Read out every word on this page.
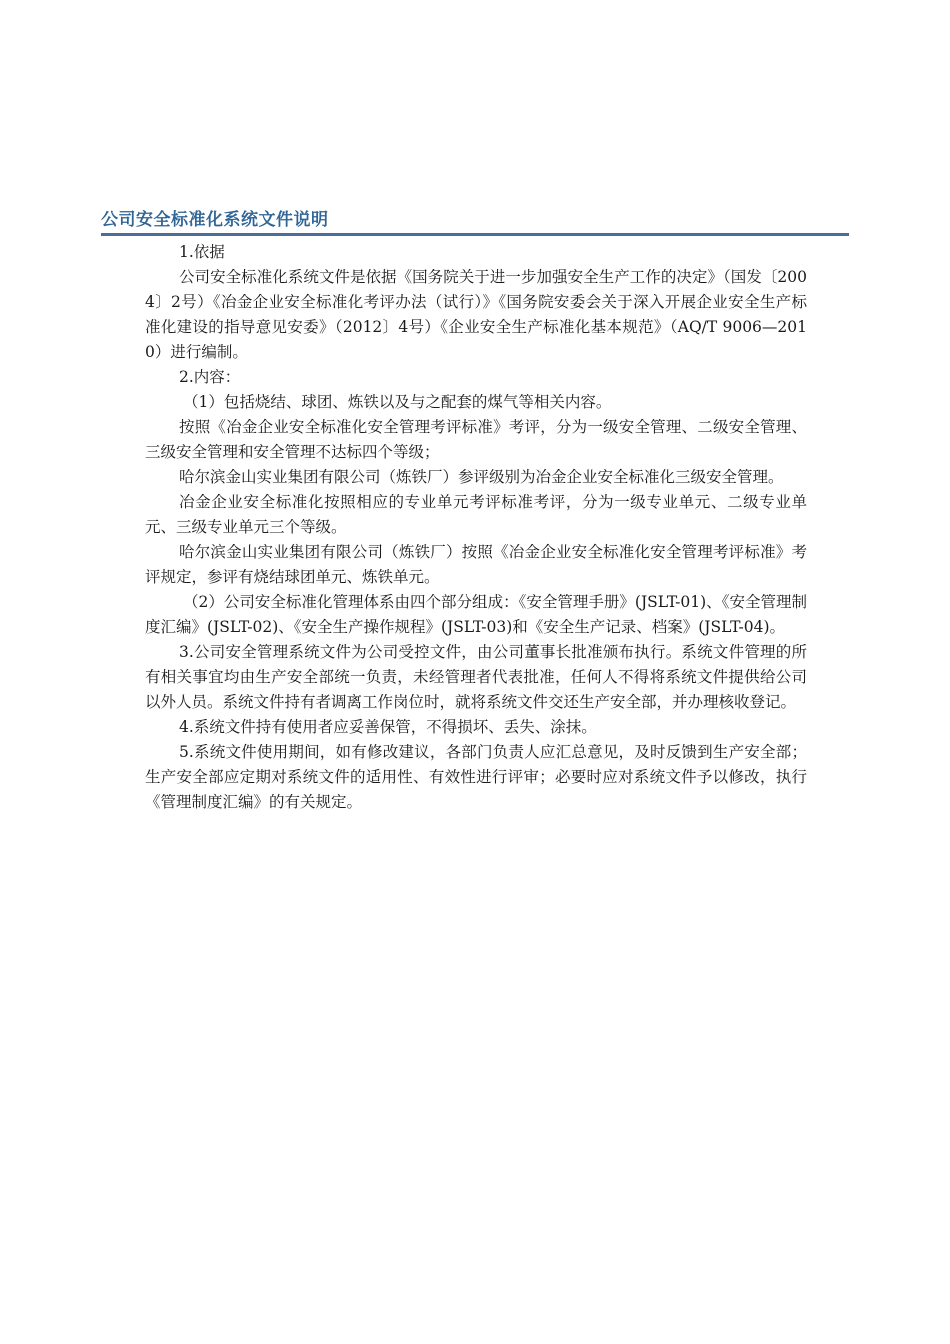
公司安全标准化系统文件说明

1.依据

公司安全标准化系统文件是依据《国务院关于进一步加强安全生产工作的决定》（国发〔2004〕2号）《冶金企业安全标准化考评办法（试行）》《国务院安委会关于深入开展企业安全生产标准化建设的指导意见安委》（2012〕4号）《企业安全生产标准化基本规范》（AQ/T 9006—2010）进行编制。

2.内容：

（1）包括烧结、球团、炼铁以及与之配套的煤气等相关内容。

按照《冶金企业安全标准化安全管理考评标准》考评，分为一级安全管理、二级安全管理、三级安全管理和安全管理不达标四个等级；

哈尔滨金山实业集团有限公司（炼铁厂）参评级别为冶金企业安全标准化三级安全管理。

冶金企业安全标准化按照相应的专业单元考评标准考评，分为一级专业单元、二级专业单元、三级专业单元三个等级。

哈尔滨金山实业集团有限公司（炼铁厂）按照《冶金企业安全标准化安全管理考评标准》考评规定，参评有烧结球团单元、炼铁单元。

（2）公司安全标准化管理体系由四个部分组成：《安全管理手册》(JSLT-01)、《安全管理制度汇编》(JSLT-02)、《安全生产操作规程》(JSLT-03)和《安全生产记录、档案》(JSLT-04)。

3.公司安全管理系统文件为公司受控文件，由公司董事长批准颁布执行。系统文件管理的所有相关事宜均由生产安全部统一负责，未经管理者代表批准，任何人不得将系统文件提供给公司以外人员。系统文件持有者调离工作岗位时，就将系统文件交还生产安全部，并办理核收登记。

4.系统文件持有使用者应妥善保管，不得损坏、丢失、涂抹。

5.系统文件使用期间，如有修改建议，各部门负责人应汇总意见，及时反馈到生产安全部；生产安全部应定期对系统文件的适用性、有效性进行评审；必要时应对系统文件予以修改，执行《管理制度汇编》的有关规定。
